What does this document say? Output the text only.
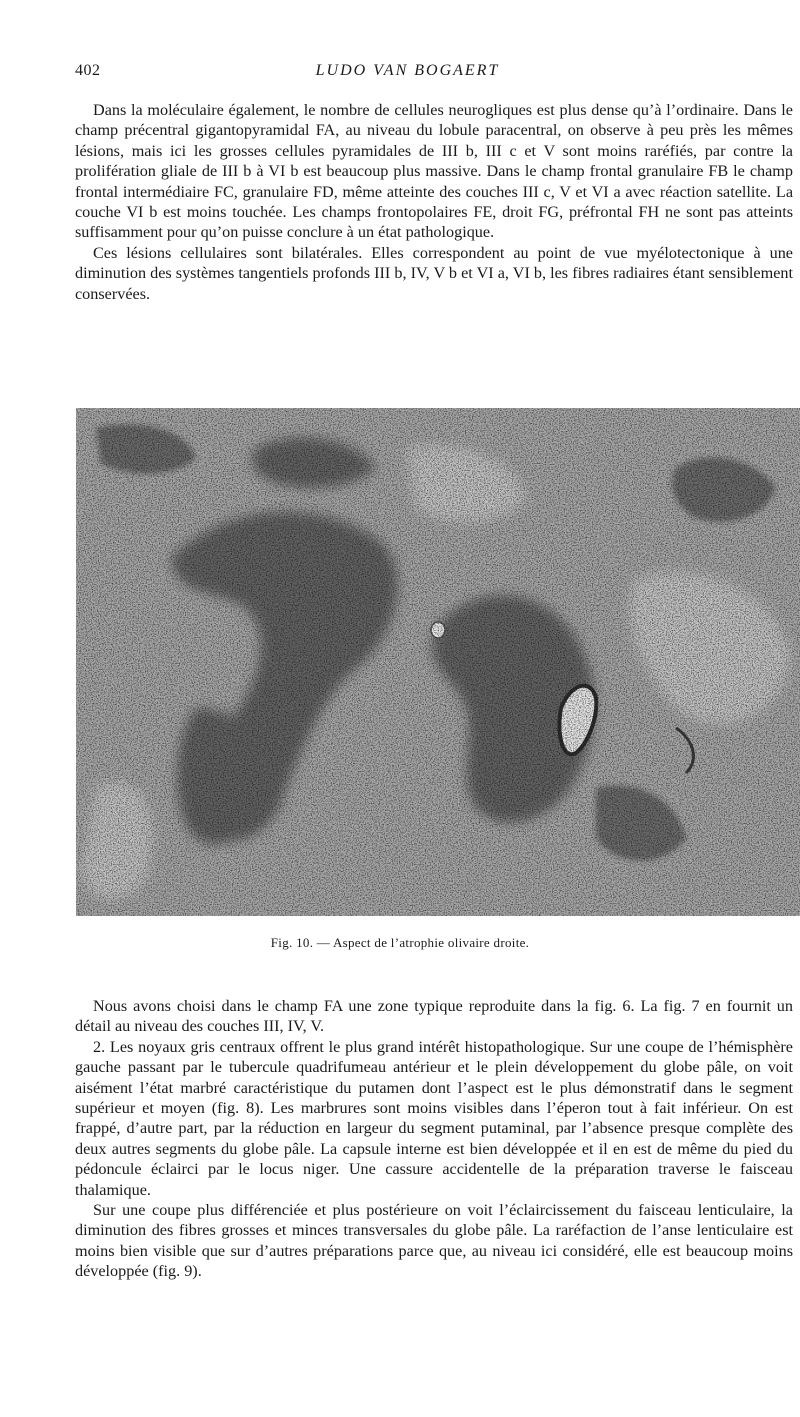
402	LUDO VAN BOGAERT

Dans la moléculaire également, le nombre de cellules neurogliques est plus dense qu’à l’ordinaire. Dans le champ précentral gigantopyramidal FA, au niveau du lobule paracentral, on observe à peu près les mêmes lésions, mais ici les grosses cellules pyramidales de III b, III c et V sont moins raréfiés, par contre la prolifération gliale de III b à VI b est beaucoup plus massive. Dans le champ frontal granulaire FB le champ frontal intermédiaire FC, granulaire FD, même atteinte des couches III c, V et VI a avec réaction satellite. La couche VI b est moins touchée. Les champs frontopolaires FE, droit FG, préfrontal FH ne sont pas atteints suffisamment pour qu’on puisse conclure à un état pathologique.

Ces lésions cellulaires sont bilatérales. Elles correspondent au point de vue myélotectonique à une diminution des systèmes tangentiels profonds III b, IV, V b et VI a, VI b, les fibres radiaires étant sensiblement conservées.

Fig. 10. — Aspect de l’atrophie olivaire droite.

Nous avons choisi dans le champ FA une zone typique reproduite dans la fig. 6. La fig. 7 en fournit un détail au niveau des couches III, IV, V.

2. Les noyaux gris centraux offrent le plus grand intérêt histopathologique. Sur une coupe de l’hémisphère gauche passant par le tubercule quadrifumeau antérieur et le plein développement du globe pâle, on voit aisément l’état marbré caractéristique du putamen dont l’aspect est le plus démonstratif dans le segment supérieur et moyen (fig. 8). Les marbrures sont moins visibles dans l’éperon tout à fait inférieur. On est frappé, d’autre part, par la réduction en largeur du segment putaminal, par l’absence presque complète des deux autres segments du globe pâle. La capsule interne est bien développée et il en est de même du pied du pédoncule éclairci par le locus niger. Une cassure accidentelle de la préparation traverse le faisceau thalamique.

Sur une coupe plus différenciée et plus postérieure on voit l’éclaircissement du faisceau lenticulaire, la diminution des fibres grosses et minces transversales du globe pâle. La raréfaction de l’anse lenticulaire est moins bien visible que sur d’autres préparations parce que, au niveau ici considéré, elle est beaucoup moins développée (fig. 9).
